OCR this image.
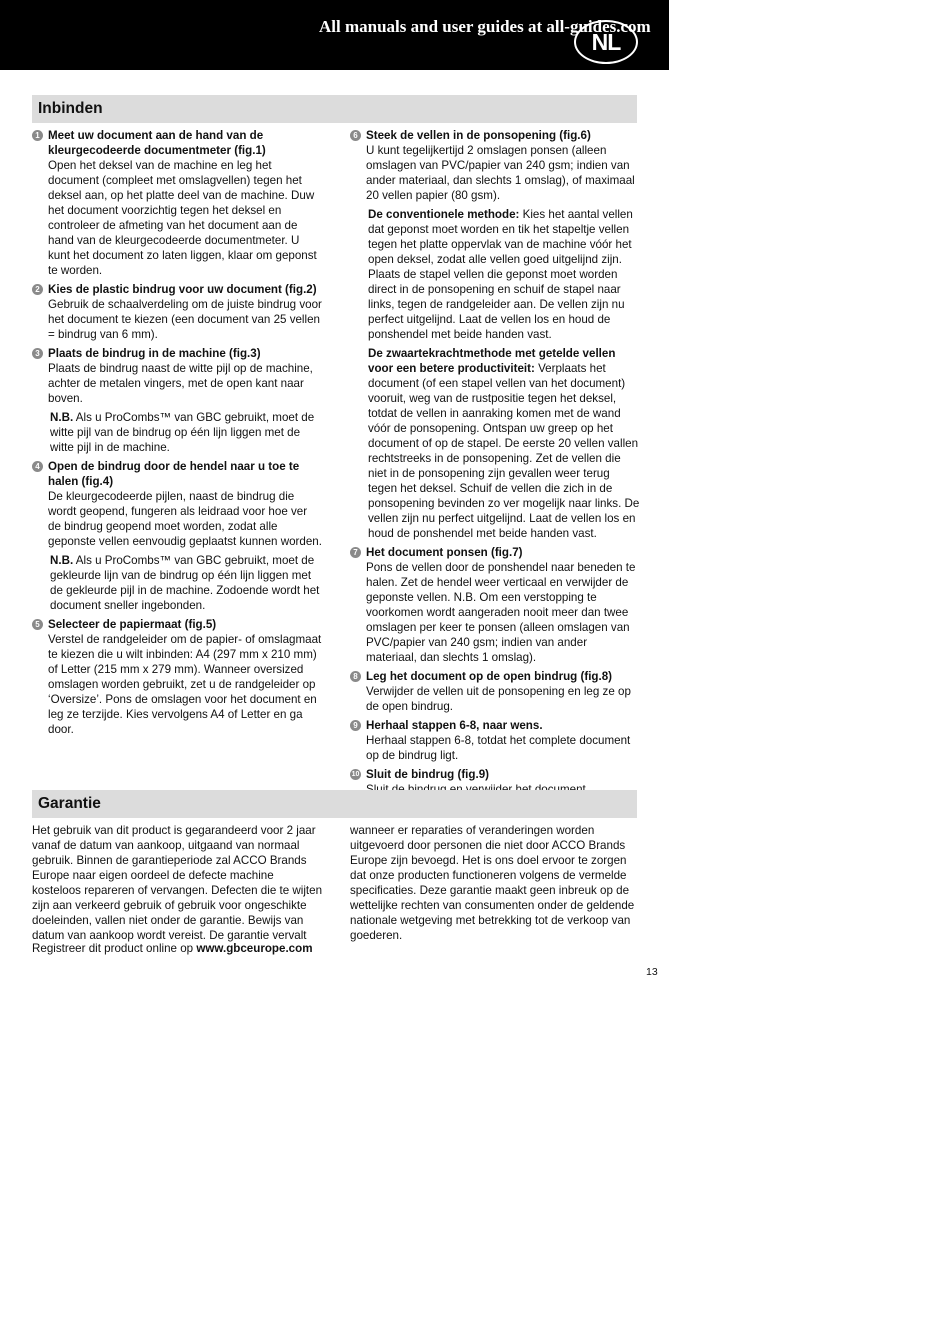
All manuals and user guides at all-guides.com
NL
Inbinden
1 Meet uw document aan de hand van de kleurgecodeerde documentmeter (fig.1)
Open het deksel van de machine en leg het document (compleet met omslagvellen) tegen het deksel aan, op het platte deel van de machine. Duw het document voorzichtig tegen het deksel en controleer de afmeting van het document aan de hand van de kleurgecodeerde documentmeter. U kunt het document zo laten liggen, klaar om geponst te worden.
2 Kies de plastic bindrug voor uw document (fig.2)
Gebruik de schaalverdeling om de juiste bindrug voor het document te kiezen (een document van 25 vellen = bindrug van 6 mm).
3 Plaats de bindrug in de machine (fig.3)
Plaats de bindrug naast de witte pijl op de machine, achter de metalen vingers, met de open kant naar boven.
N.B. Als u ProCombs™ van GBC gebruikt, moet de witte pijl van de bindrug op één lijn liggen met de witte pijl in de machine.
4 Open de bindrug door de hendel naar u toe te halen (fig.4)
De kleurgecodeerde pijlen, naast de bindrug die wordt geopend, fungeren als leidraad voor hoe ver de bindrug geopend moet worden, zodat alle geponste vellen eenvoudig geplaatst kunnen worden.
N.B. Als u ProCombs™ van GBC gebruikt, moet de gekleurde lijn van de bindrug op één lijn liggen met de gekleurde pijl in de machine. Zodoende wordt het document sneller ingebonden.
5 Selecteer de papiermaat (fig.5)
Verstel de randgeleider om de papier- of omslagmaat te kiezen die u wilt inbinden: A4 (297 mm x 210 mm) of Letter (215 mm x 279 mm). Wanneer oversized omslagen worden gebruikt, zet u de randgeleider op ‘Oversize’. Pons de omslagen voor het document en leg ze terzijde. Kies vervolgens A4 of Letter en ga door.
6 Steek de vellen in de ponsopening (fig.6)
U kunt tegelijkertijd 2 omslagen ponsen (alleen omslagen van PVC/papier van 240 gsm; indien van ander materiaal, dan slechts 1 omslag), of maximaal 20 vellen papier (80 gsm).
De conventionele methode: Kies het aantal vellen dat geponst moet worden en tik het stapeltje vellen tegen het platte oppervlak van de machine vóór het open deksel, zodat alle vellen goed uitgelijnd zijn. Plaats de stapel vellen die geponst moet worden direct in de ponsopening en schuif de stapel naar links, tegen de randgeleider aan. De vellen zijn nu perfect uitgelijnd. Laat de vellen los en houd de ponshendel met beide handen vast.
De zwaartekrachtmethode met getelde vellen voor een betere productiviteit: Verplaats het document (of een stapel vellen van het document) vooruit, weg van de rustpositie tegen het deksel, totdat de vellen in aanraking komen met de wand vóór de ponsopening. Ontspan uw greep op het document of op de stapel. De eerste 20 vellen vallen rechtstreeks in de ponsopening. Zet de vellen die niet in de ponsopening zijn gevallen weer terug tegen het deksel. Schuif de vellen die zich in de ponsopening bevinden zo ver mogelijk naar links. De vellen zijn nu perfect uitgelijnd. Laat de vellen los en houd de ponshendel met beide handen vast.
7 Het document ponsen (fig.7)
Pons de vellen door de ponshendel naar beneden te halen. Zet de hendel weer verticaal en verwijder de geponste vellen. N.B. Om een verstopping te voorkomen wordt aangeraden nooit meer dan twee omslagen per keer te ponsen (alleen omslagen van PVC/papier van 240 gsm; indien van ander materiaal, dan slechts 1 omslag).
8 Leg het document op de open bindrug (fig.8)
Verwijder de vellen uit de ponsopening en leg ze op de open bindrug.
9 Herhaal stappen 6-8, naar wens.
Herhaal stappen 6-8, totdat het complete document op de bindrug ligt.
10 Sluit de bindrug (fig.9)
Garantie
Het gebruik van dit product is gegarandeerd voor 2 jaar vanaf de datum van aankoop, uitgaand van normaal gebruik. Binnen de garantieperiode zal ACCO Brands Europe naar eigen oordeel de defecte machine kosteloos repareren of vervangen. Defecten die te wijten zijn aan verkeerd gebruik of gebruik voor ongeschikte doeleinden, vallen niet onder de garantie. Bewijs van datum van aankoop wordt vereist. De garantie vervalt
wanneer er reparaties of veranderingen worden uitgevoerd door personen die niet door ACCO Brands Europe zijn bevoegd. Het is ons doel ervoor te zorgen dat onze producten functioneren volgens de vermelde specificaties. Deze garantie maakt geen inbreuk op de wettelijke rechten van consumenten onder de geldende nationale wetgeving met betrekking tot de verkoop van goederen.
Registreer dit product online op www.gbceurope.com
13
